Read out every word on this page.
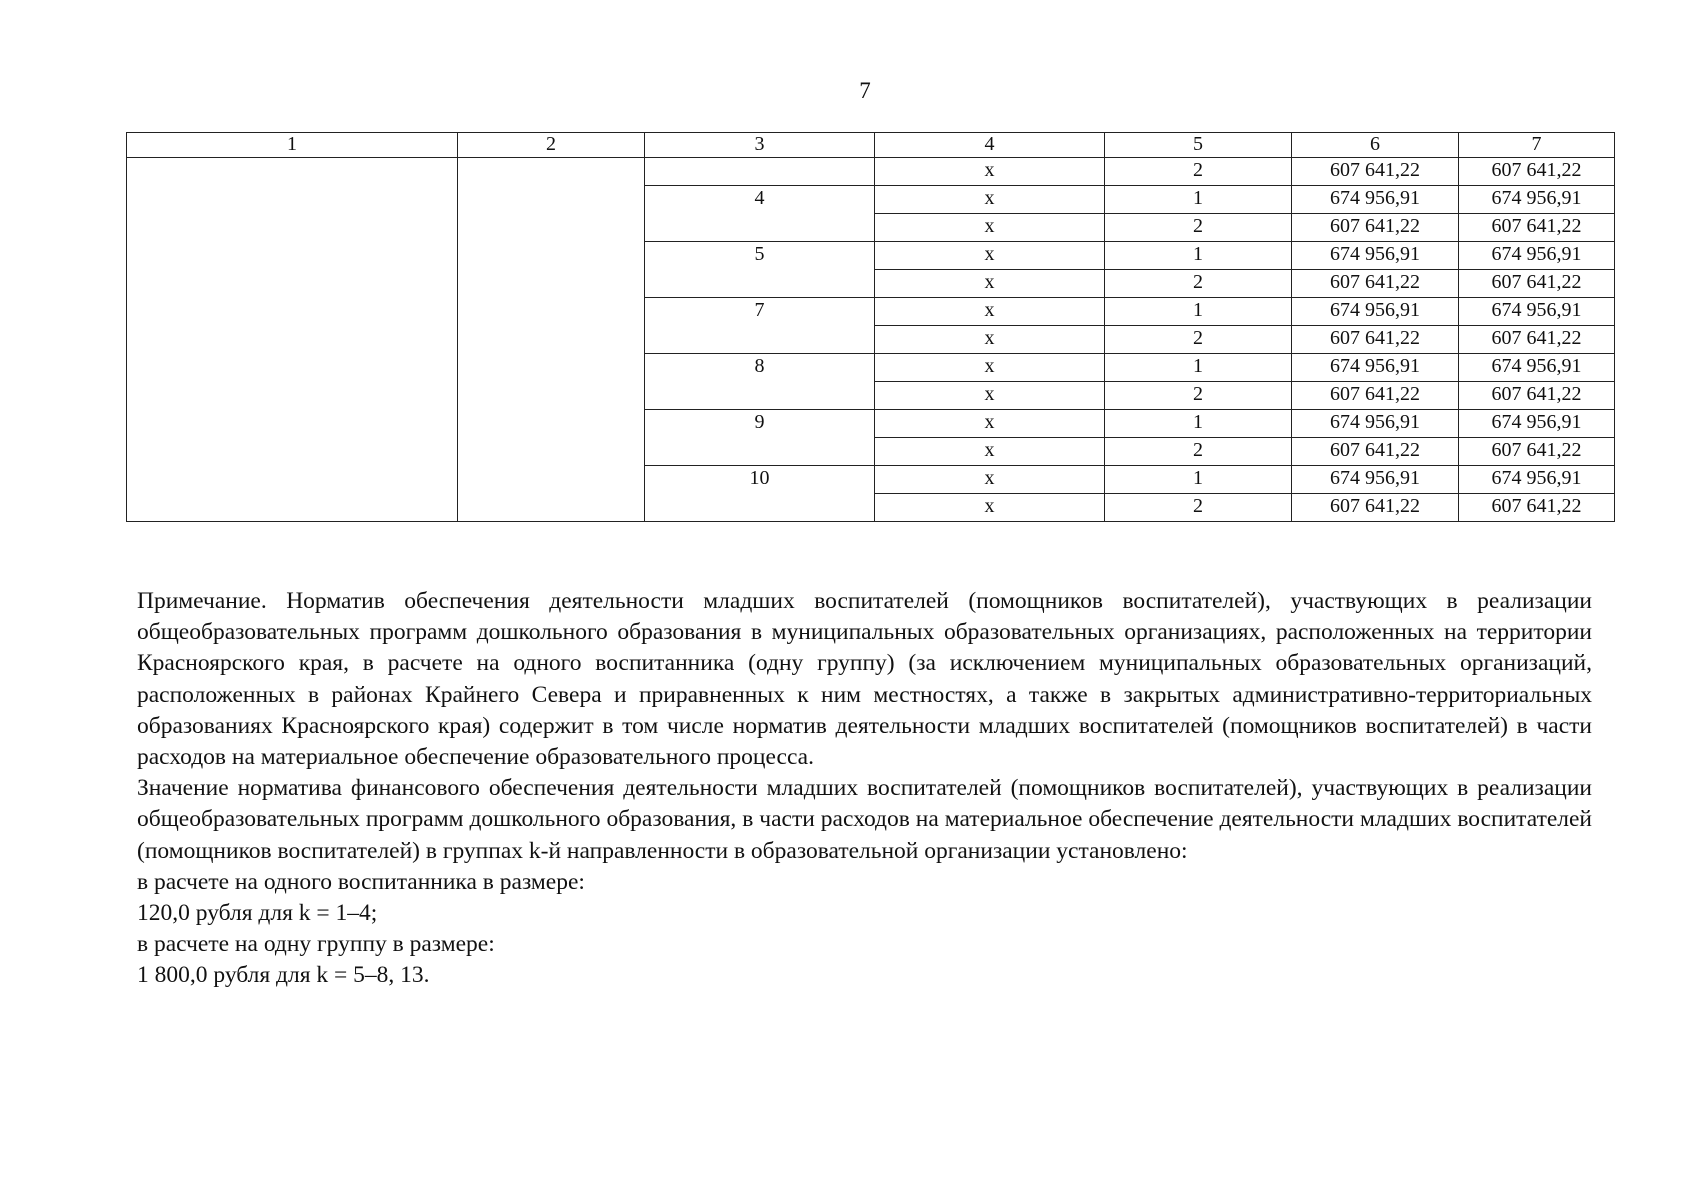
7
1	2	3	4	5	6	7
			x	2	607 641,22	607 641,22
		4	x	1	674 956,91	674 956,91
			x	2	607 641,22	607 641,22
		5	x	1	674 956,91	674 956,91
			x	2	607 641,22	607 641,22
		7	x	1	674 956,91	674 956,91
			x	2	607 641,22	607 641,22
		8	x	1	674 956,91	674 956,91
			x	2	607 641,22	607 641,22
		9	x	1	674 956,91	674 956,91
			x	2	607 641,22	607 641,22
		10	x	1	674 956,91	674 956,91
			x	2	607 641,22	607 641,22

Примечание. Норматив обеспечения деятельности младших воспитателей (помощников воспитателей), участвующих в реализации общеобразовательных программ дошкольного образования в муниципальных образовательных организациях, расположенных на территории Красноярского края, в расчете на одного воспитанника (одну группу) (за исключением муниципальных образовательных организаций, расположенных в районах Крайнего Севера и приравненных к ним местностях, а также в закрытых административно-территориальных образованиях Красноярского края) содержит в том числе норматив деятельности младших воспитателей (помощников воспитателей) в части расходов на материальное обеспечение образовательного процесса.

Значение норматива финансового обеспечения деятельности младших воспитателей (помощников воспитателей), участвующих в реализации общеобразовательных программ дошкольного образования, в части расходов на материальное обеспечение деятельности младших воспитателей (помощников воспитателей) в группах k-й направленности в образовательной организации установлено:

в расчете на одного воспитанника в размере:

120,0 рубля для k = 1–4;

в расчете на одну группу в размере:

1 800,0 рубля для k = 5–8, 13.
